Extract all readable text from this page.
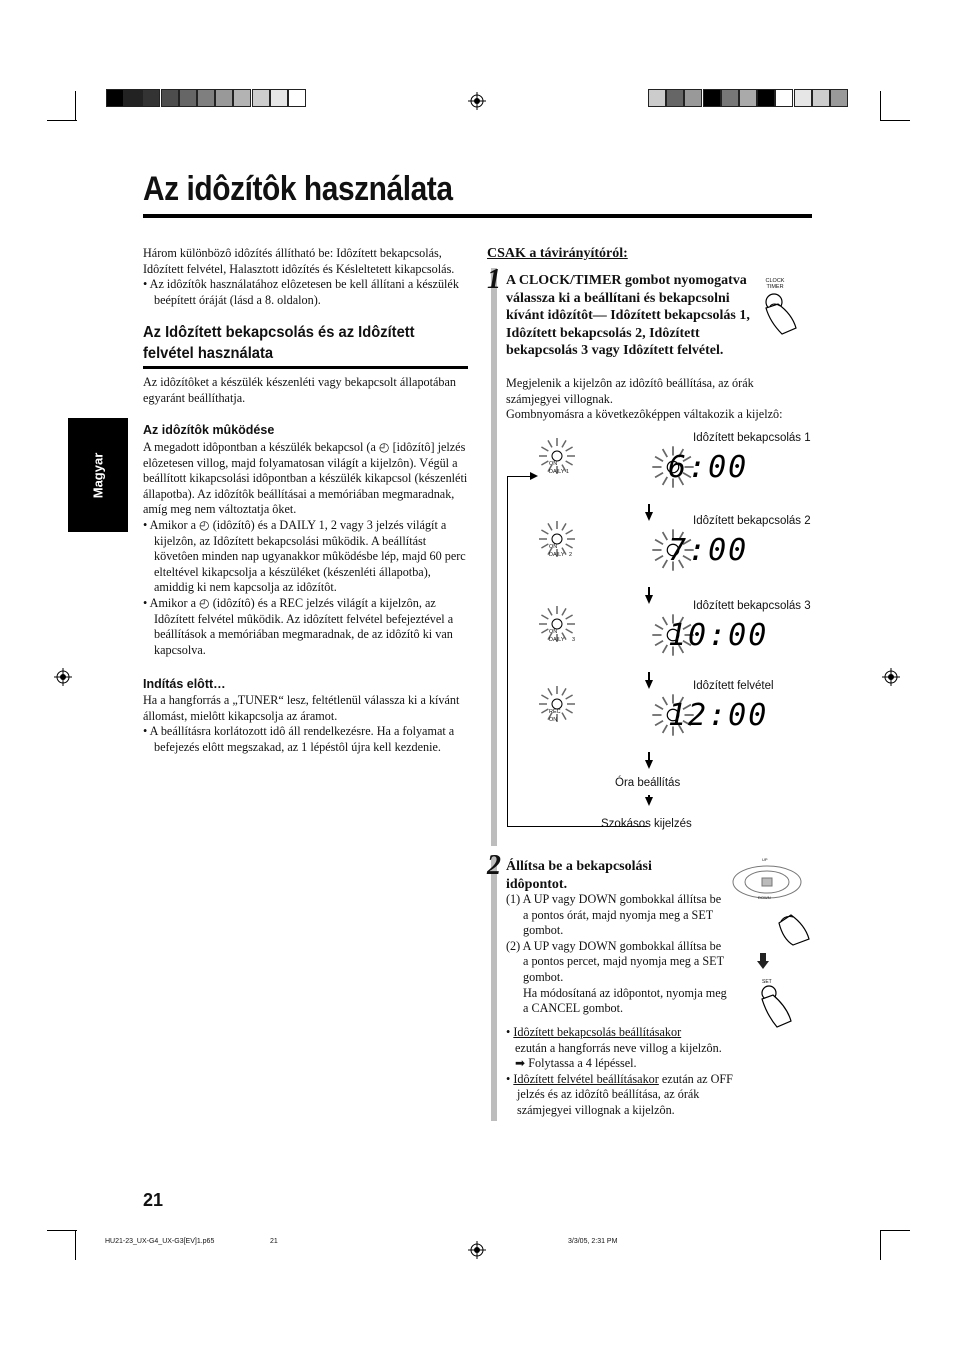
Az idôzítôk használata
Magyar
Három különbözô idôzítés állítható be: Idôzített bekapcsolás, Idôzített felvétel, Halasztott idôzítés és Késleltetett kikapcsolás.
• Az idôzítôk használatához elôzetesen be kell állítani a készülék beépített óráját (lásd a 8. oldalon).
Az Idôzített bekapcsolás és az Idôzített felvétel használata
Az idôzítôket a készülék készenléti vagy bekapcsolt állapotában egyaránt beállíthatja.
Az idôzítôk mûködése
A megadott idôpontban a készülék bekapcsol (a ◴ [idôzítô] jelzés elôzetesen villog, majd folyamatosan világít a kijelzôn). Végül a beállított kikapcsolási idôpontban a készülék kikapcsol (készenléti állapotba). Az idôzítôk beállításai a memóriában megmaradnak, amíg meg nem változtatja ôket.
• Amikor a ◴ (idôzítô) és a DAILY 1, 2 vagy 3 jelzés világít a kijelzôn, az Idôzített bekapcsolási mûködik. A beállítást követôen minden nap ugyanakkor mûködésbe lép, majd 60 perc elteltével kikapcsolja a készüléket (készenléti állapotba), amiddig ki nem kapcsolja az idôzítôt.
• Amikor a ◴ (idôzítô) és a REC jelzés világít a kijelzôn, az Idôzített felvétel mûködik. Az idôzített felvétel befejeztével a beállítások a memóriában megmaradnak, de az idôzítô ki van kapcsolva.
Indítás elôtt…
Ha a hangforrás a „TUNER“ lesz, feltétlenül válassza ki a kívánt állomást, mielôtt kikapcsolja az áramot.
• A beállításra korlátozott idô áll rendelkezésre. Ha a folyamat a befejezés elôtt megszakad, az 1 lépéstôl újra kell kezdenie.
CSAK a távirányítóról:
1 A CLOCK/TIMER gombot nyomogatva válassza ki a beállítani és bekapcsolni kívánt idôzítôt— Idôzített bekapcsolás 1, Idôzített bekapcsolás 2, Idôzített bekapcsolás 3 vagy Idôzített felvétel.
Megjelenik a kijelzôn az idôzítô beállítása, az órák számjegyei villognak.
Gombnyomásra a következôképpen váltakozik a kijelzô:
CLOCK
TIMER
Idôzített bekapcsolás 1
ON
DAILY 1	6:00
Idôzített bekapcsolás 2
ON
DAILY   2	7:00
Idôzített bekapcsolás 3
ON
DAILY     3	10:00
Idôzített felvétel
REC
ON	12:00
Óra beállítás
Szokásos kijelzés
2 Állítsa be a bekapcsolási idôpontot.
(1) A UP vagy DOWN gombokkal állítsa be a pontos órát, majd nyomja meg a SET gombot.
(2) A UP vagy DOWN gombokkal állítsa be a pontos percet, majd nyomja meg a SET gombot.
Ha módosítaná az idôpontot, nyomja meg a CANCEL gombot.
UP
DOWN
SET
• Idôzített bekapcsolás beállításakor
ezután a hangforrás neve villog a kijelzôn.
➡ Folytassa a 4 lépéssel.
• Idôzített felvétel beállításakor ezután az OFF jelzés és az idôzítô beállítása, az órák számjegyei villognak a kijelzôn.
21
HU21-23_UX-G4_UX-G3[EV]1.p65	21	3/3/05, 2:31 PM
